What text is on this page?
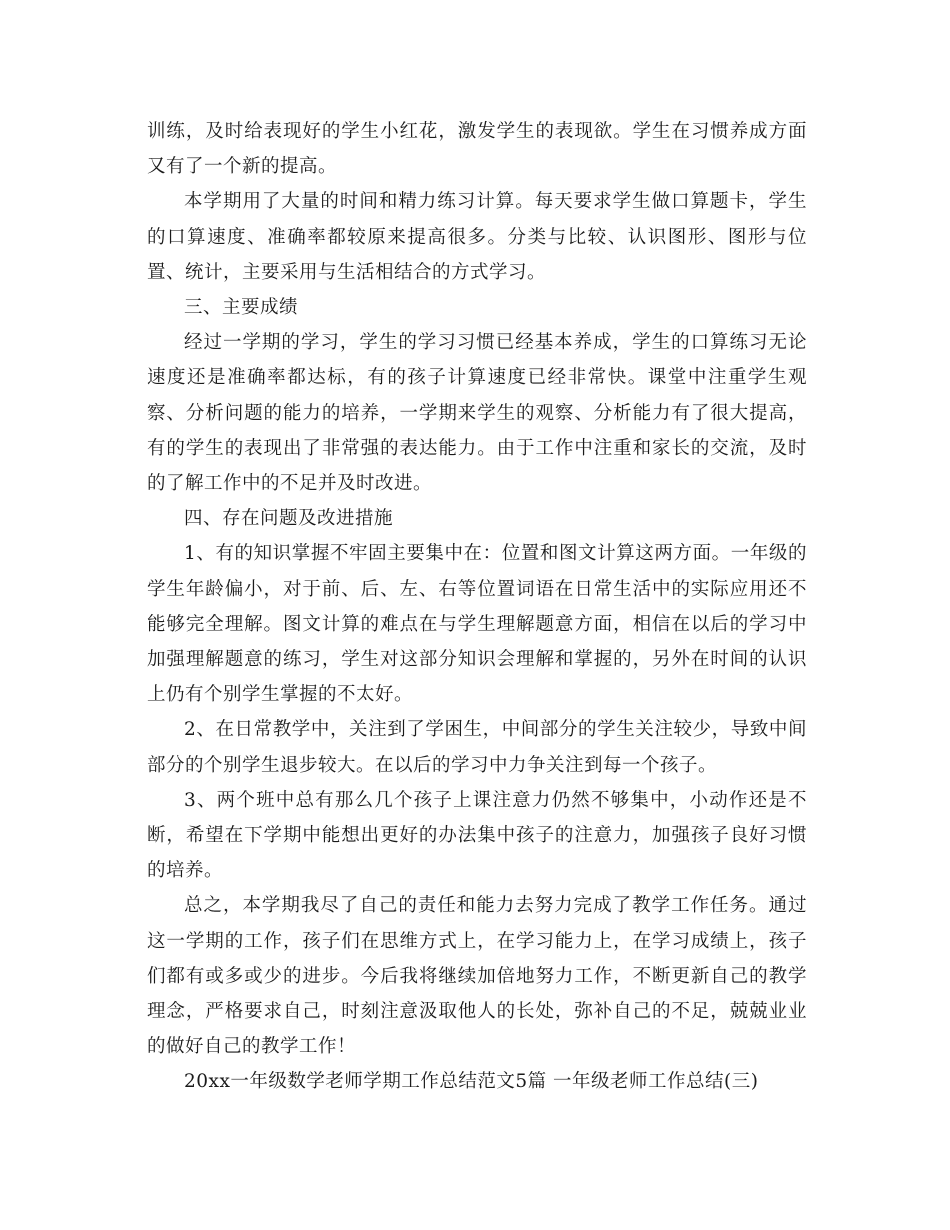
训练，及时给表现好的学生小红花，激发学生的表现欲。学生在习惯养成方面又有了一个新的提高。

本学期用了大量的时间和精力练习计算。每天要求学生做口算题卡，学生的口算速度、准确率都较原来提高很多。分类与比较、认识图形、图形与位置、统计，主要采用与生活相结合的方式学习。

三、主要成绩

经过一学期的学习，学生的学习习惯已经基本养成，学生的口算练习无论速度还是准确率都达标，有的孩子计算速度已经非常快。课堂中注重学生观察、分析问题的能力的培养，一学期来学生的观察、分析能力有了很大提高，有的学生的表现出了非常强的表达能力。由于工作中注重和家长的交流，及时的了解工作中的不足并及时改进。

四、存在问题及改进措施

1、有的知识掌握不牢固主要集中在：位置和图文计算这两方面。一年级的学生年龄偏小，对于前、后、左、右等位置词语在日常生活中的实际应用还不能够完全理解。图文计算的难点在与学生理解题意方面，相信在以后的学习中加强理解题意的练习，学生对这部分知识会理解和掌握的，另外在时间的认识上仍有个别学生掌握的不太好。

2、在日常教学中，关注到了学困生，中间部分的学生关注较少，导致中间部分的个别学生退步较大。在以后的学习中力争关注到每一个孩子。

3、两个班中总有那么几个孩子上课注意力仍然不够集中，小动作还是不断，希望在下学期中能想出更好的办法集中孩子的注意力，加强孩子良好习惯的培养。

总之，本学期我尽了自己的责任和能力去努力完成了教学工作任务。通过这一学期的工作，孩子们在思维方式上，在学习能力上，在学习成绩上，孩子们都有或多或少的进步。今后我将继续加倍地努力工作，不断更新自己的教学理念，严格要求自己，时刻注意汲取他人的长处，弥补自己的不足，兢兢业业的做好自己的教学工作！

20xx一年级数学老师学期工作总结范文5篇 一年级老师工作总结(三)
